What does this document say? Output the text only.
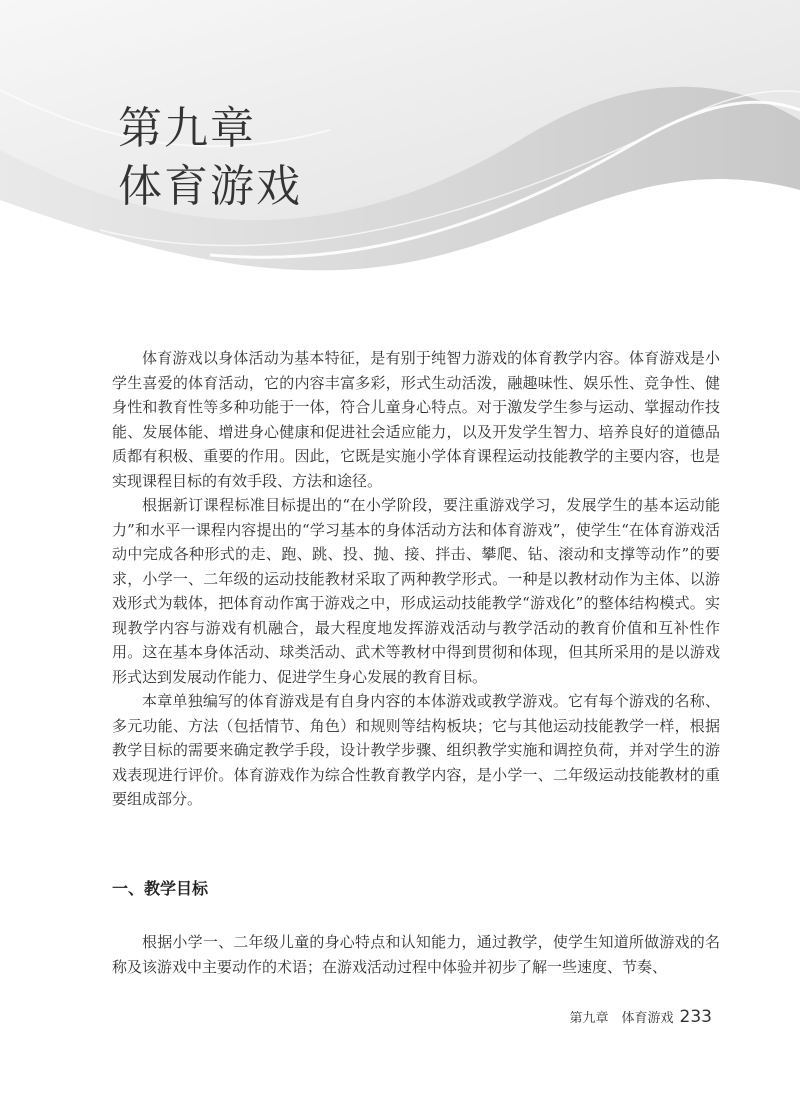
第九章
体育游戏

体育游戏以身体活动为基本特征，是有别于纯智力游戏的体育教学内容。体育游戏是小学生喜爱的体育活动，它的内容丰富多彩，形式生动活泼，融趣味性、娱乐性、竞争性、健身性和教育性等多种功能于一体，符合儿童身心特点。对于激发学生参与运动、掌握动作技能、发展体能、增进身心健康和促进社会适应能力，以及开发学生智力、培养良好的道德品质都有积极、重要的作用。因此，它既是实施小学体育课程运动技能教学的主要内容，也是实现课程目标的有效手段、方法和途径。

根据新订课程标准目标提出的“在小学阶段，要注重游戏学习，发展学生的基本运动能力”和水平一课程内容提出的“学习基本的身体活动方法和体育游戏”，使学生“在体育游戏活动中完成各种形式的走、跑、跳、投、抛、接、拌击、攀爬、钻、滚动和支撑等动作”的要求，小学一、二年级的运动技能教材采取了两种教学形式。一种是以教材动作为主体、以游戏形式为载体，把体育动作寓于游戏之中，形成运动技能教学“游戏化”的整体结构模式。实现教学内容与游戏有机融合，最大程度地发挥游戏活动与教学活动的教育价值和互补性作用。这在基本身体活动、球类活动、武术等教材中得到贯彻和体现，但其所采用的是以游戏形式达到发展动作能力、促进学生身心发展的教育目标。

本章单独编写的体育游戏是有自身内容的本体游戏或教学游戏。它有每个游戏的名称、多元功能、方法（包括情节、角色）和规则等结构板块；它与其他运动技能教学一样，根据教学目标的需要来确定教学手段，设计教学步骤、组织教学实施和调控负荷，并对学生的游戏表现进行评价。体育游戏作为综合性教育教学内容，是小学一、二年级运动技能教材的重要组成部分。

一、教学目标

根据小学一、二年级儿童的身心特点和认知能力，通过教学，使学生知道所做游戏的名称及该游戏中主要动作的术语；在游戏活动过程中体验并初步了解一些速度、节奏、

第九章　体育游戏 233
